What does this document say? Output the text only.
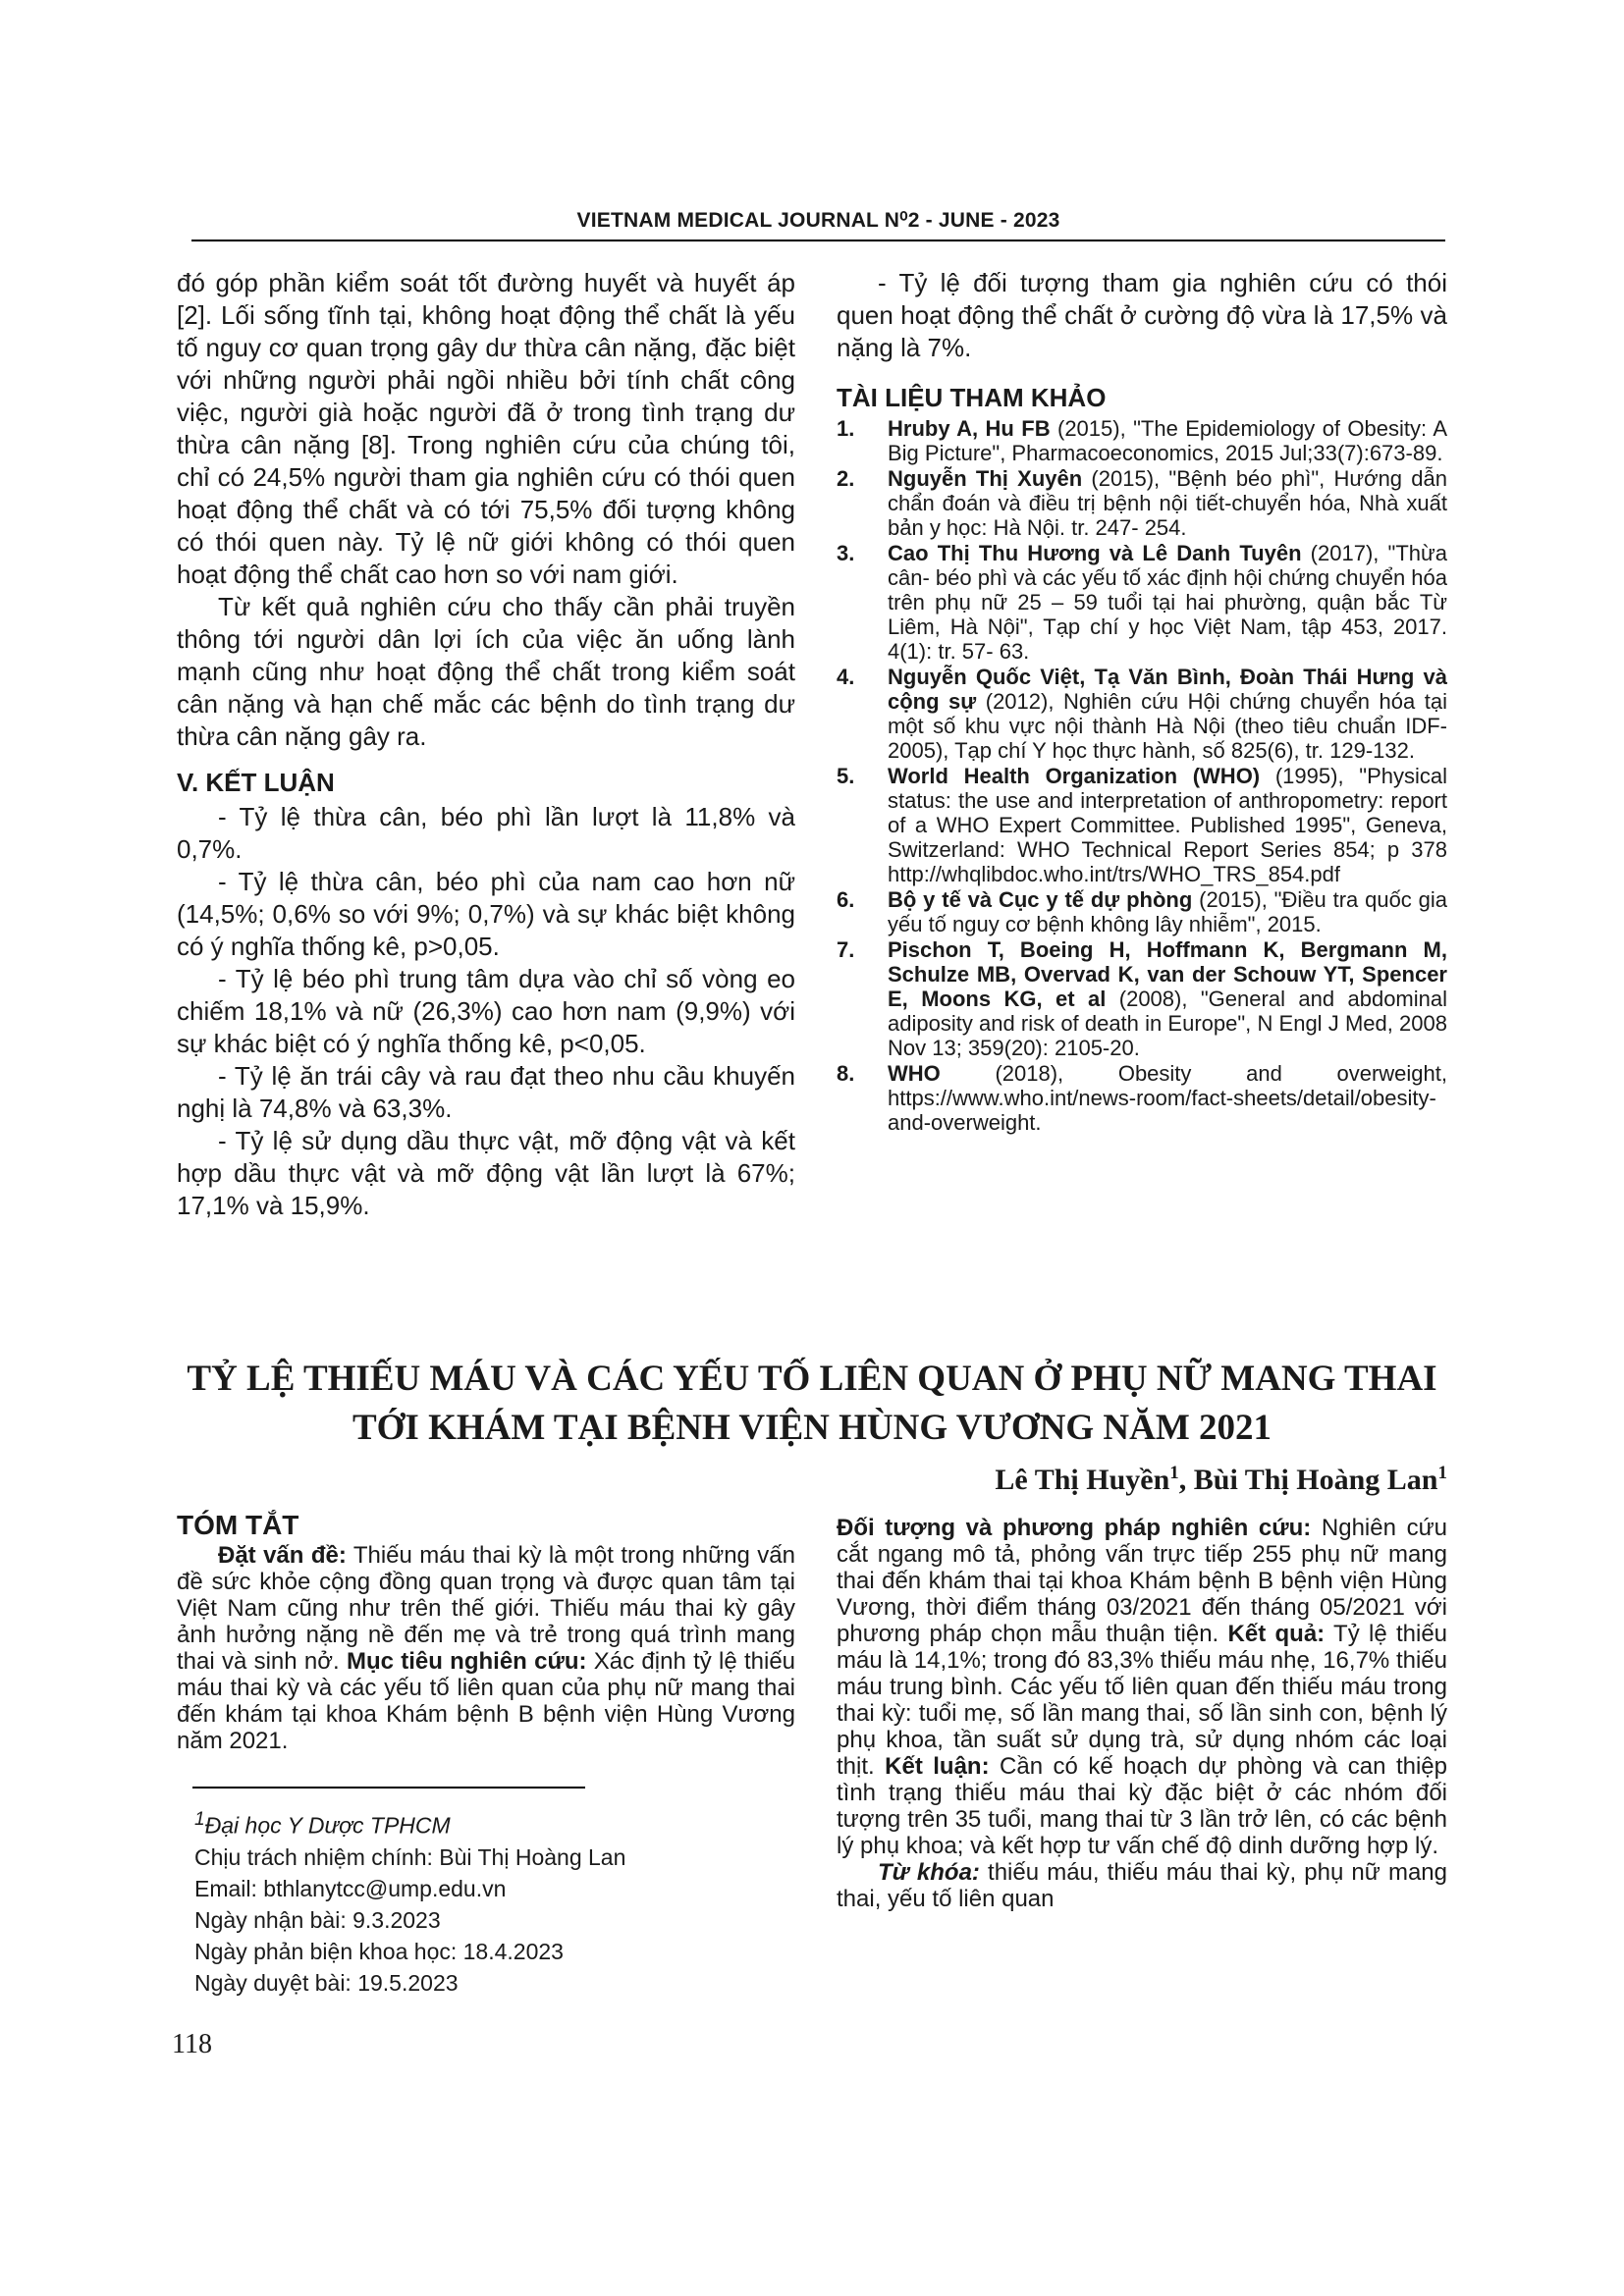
VIETNAM MEDICAL JOURNAL N⁰2 - JUNE - 2023

đó góp phần kiểm soát tốt đường huyết và huyết áp [2]. Lối sống tĩnh tại, không hoạt động thể chất là yếu tố nguy cơ quan trọng gây dư thừa cân nặng, đặc biệt với những người phải ngồi nhiều bởi tính chất công việc, người già hoặc người đã ở trong tình trạng dư thừa cân nặng [8]. Trong nghiên cứu của chúng tôi, chỉ có 24,5% người tham gia nghiên cứu có thói quen hoạt động thể chất và có tới 75,5% đối tượng không có thói quen này. Tỷ lệ nữ giới không có thói quen hoạt động thể chất cao hơn so với nam giới.

Từ kết quả nghiên cứu cho thấy cần phải truyền thông tới người dân lợi ích của việc ăn uống lành mạnh cũng như hoạt động thể chất trong kiểm soát cân nặng và hạn chế mắc các bệnh do tình trạng dư thừa cân nặng gây ra.

V. KẾT LUẬN

- Tỷ lệ thừa cân, béo phì lần lượt là 11,8% và 0,7%.

- Tỷ lệ thừa cân, béo phì của nam cao hơn nữ (14,5%; 0,6% so với 9%; 0,7%) và sự khác biệt không có ý nghĩa thống kê, p>0,05.

- Tỷ lệ béo phì trung tâm dựa vào chỉ số vòng eo chiếm 18,1% và nữ (26,3%) cao hơn nam (9,9%) với sự khác biệt có ý nghĩa thống kê, p<0,05.

- Tỷ lệ ăn trái cây và rau đạt theo nhu cầu khuyến nghị là 74,8% và 63,3%.

- Tỷ lệ sử dụng dầu thực vật, mỡ động vật và kết hợp dầu thực vật và mỡ động vật lần lượt là 67%; 17,1% và 15,9%.

- Tỷ lệ đối tượng tham gia nghiên cứu có thói quen hoạt động thể chất ở cường độ vừa là 17,5% và nặng là 7%.

TÀI LIỆU THAM KHẢO
1. Hruby A, Hu FB (2015), "The Epidemiology of Obesity: A Big Picture", Pharmacoeconomics, 2015 Jul;33(7):673-89.
2. Nguyễn Thị Xuyên (2015), "Bệnh béo phì", Hướng dẫn chẩn đoán và điều trị bệnh nội tiết-chuyển hóa, Nhà xuất bản y học: Hà Nội. tr. 247- 254.
3. Cao Thị Thu Hương và Lê Danh Tuyên (2017), "Thừa cân- béo phì và các yếu tố xác định hội chứng chuyển hóa trên phụ nữ 25 – 59 tuổi tại hai phường, quận bắc Từ Liêm, Hà Nội", Tạp chí y học Việt Nam, tập 453, 2017. 4(1): tr. 57- 63.
4. Nguyễn Quốc Việt, Tạ Văn Bình, Đoàn Thái Hưng và cộng sự (2012), Nghiên cứu Hội chứng chuyển hóa tại một số khu vực nội thành Hà Nội (theo tiêu chuẩn IDF-2005), Tạp chí Y học thực hành, số 825(6), tr. 129-132.
5. World Health Organization (WHO) (1995), "Physical status: the use and interpretation of anthropometry: report of a WHO Expert Committee. Published 1995", Geneva, Switzerland: WHO Technical Report Series 854; p 378 http://whqlibdoc.who.int/trs/WHO_TRS_854.pdf
6. Bộ y tế và Cục y tế dự phòng (2015), "Điều tra quốc gia yếu tố nguy cơ bệnh không lây nhiễm", 2015.
7. Pischon T, Boeing H, Hoffmann K, Bergmann M, Schulze MB, Overvad K, van der Schouw YT, Spencer E, Moons KG, et al (2008), "General and abdominal adiposity and risk of death in Europe", N Engl J Med, 2008 Nov 13; 359(20): 2105-20.
8. WHO (2018), Obesity and overweight, https://www.who.int/news-room/fact-sheets/detail/obesity-and-overweight.
TỶ LỆ THIẾU MÁU VÀ CÁC YẾU TỐ LIÊN QUAN Ở PHỤ NỮ MANG THAI
TỚI KHÁM TẠI BỆNH VIỆN HÙNG VƯƠNG NĂM 2021
Lê Thị Huyền$^1$, Bùi Thị Hoàng Lan$^1$
TÓM TẮT

Đặt vấn đề: Thiếu máu thai kỳ là một trong những vấn đề sức khỏe cộng đồng quan trọng và được quan tâm tại Việt Nam cũng như trên thế giới. Thiếu máu thai kỳ gây ảnh hưởng nặng nề đến mẹ và trẻ trong quá trình mang thai và sinh nở. Mục tiêu nghiên cứu: Xác định tỷ lệ thiếu máu thai kỳ và các yếu tố liên quan của phụ nữ mang thai đến khám tại khoa Khám bệnh B bệnh viện Hùng Vương năm 2021.

$^1$Đại học Y Dược TPHCM
Chịu trách nhiệm chính: Bùi Thị Hoàng Lan
Email: bthlanytcc@ump.edu.vn
Ngày nhận bài: 9.3.2023
Ngày phản biện khoa học: 18.4.2023
Ngày duyệt bài: 19.5.2023

Đối tượng và phương pháp nghiên cứu: Nghiên cứu cắt ngang mô tả, phỏng vấn trực tiếp 255 phụ nữ mang thai đến khám thai tại khoa Khám bệnh B bệnh viện Hùng Vương, thời điểm tháng 03/2021 đến tháng 05/2021 với phương pháp chọn mẫu thuận tiện. Kết quả: Tỷ lệ thiếu máu là 14,1%; trong đó 83,3% thiếu máu nhẹ, 16,7% thiếu máu trung bình. Các yếu tố liên quan đến thiếu máu trong thai kỳ: tuổi mẹ, số lần mang thai, số lần sinh con, bệnh lý phụ khoa, tần suất sử dụng trà, sử dụng nhóm các loại thịt. Kết luận: Cần có kế hoạch dự phòng và can thiệp tình trạng thiếu máu thai kỳ đặc biệt ở các nhóm đối tượng trên 35 tuổi, mang thai từ 3 lần trở lên, có các bệnh lý phụ khoa; và kết hợp tư vấn chế độ dinh dưỡng hợp lý.

Từ khóa: thiếu máu, thiếu máu thai kỳ, phụ nữ mang thai, yếu tố liên quan

118
